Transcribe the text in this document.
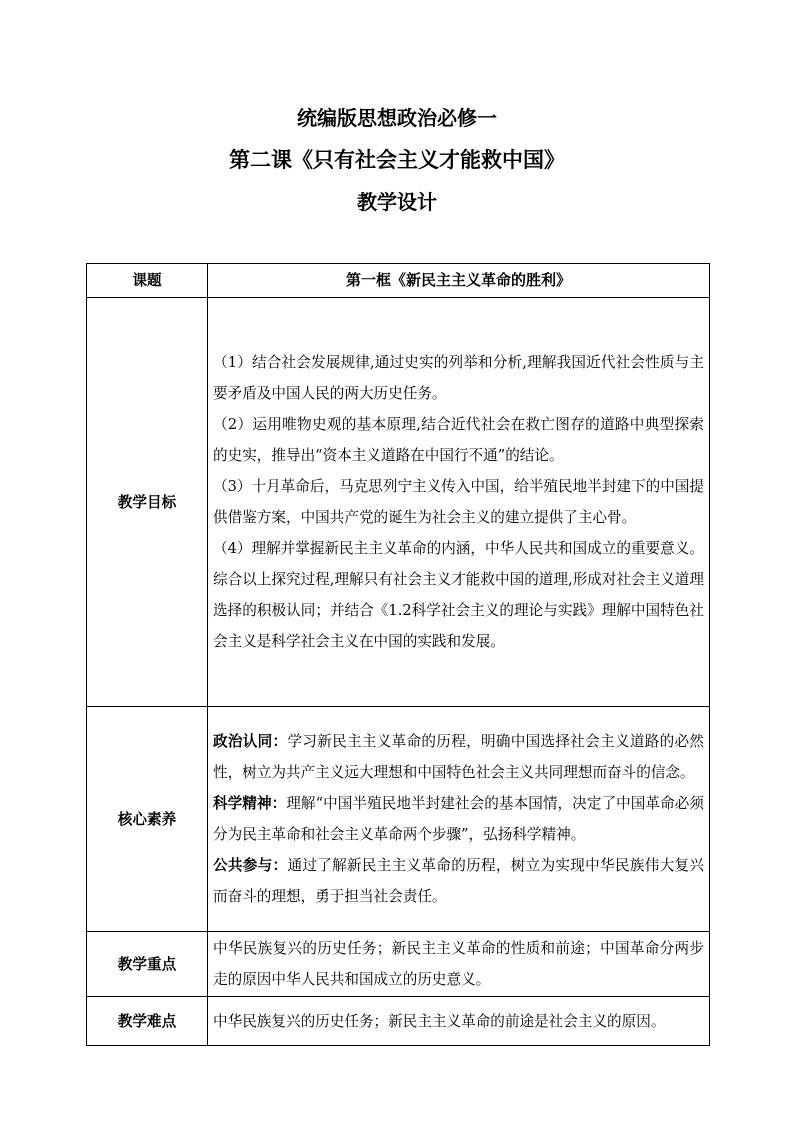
统编版思想政治必修一
第二课《只有社会主义才能救中国》
教学设计
课题	第一框《新民主主义革命的胜利》
教学目标	（1）结合社会发展规律,通过史实的列举和分析,理解我国近代社会性质与主要矛盾及中国人民的两大历史任务。

（2）运用唯物史观的基本原理,结合近代社会在救亡图存的道路中典型探索的史实，推导出“资本主义道路在中国行不通”的结论。

（3）十月革命后，马克思列宁主义传入中国，给半殖民地半封建下的中国提供借鉴方案，中国共产党的诞生为社会主义的建立提供了主心骨。

（4）理解并掌握新民主主义革命的内涵，中华人民共和国成立的重要意义。

综合以上探究过程,理解只有社会主义才能救中国的道理,形成对社会主义道理选择的积极认同；并结合《1.2科学社会主义的理论与实践》理解中国特色社会主义是科学社会主义在中国的实践和发展。

核心素养	政治认同：学习新民主主义革命的历程，明确中国选择社会主义道路的必然性，树立为共产主义远大理想和中国特色社会主义共同理想而奋斗的信念。

科学精神：理解“中国半殖民地半封建社会的基本国情，决定了中国革命必须分为民主革命和社会主义革命两个步骤”，弘扬科学精神。

公共参与：通过了解新民主主义革命的历程，树立为实现中华民族伟大复兴而奋斗的理想，勇于担当社会责任。

教学重点	中华民族复兴的历史任务；新民主主义革命的性质和前途；中国革命分两步走的原因中华人民共和国成立的历史意义。

教学难点	中华民族复兴的历史任务；新民主主义革命的前途是社会主义的原因。
